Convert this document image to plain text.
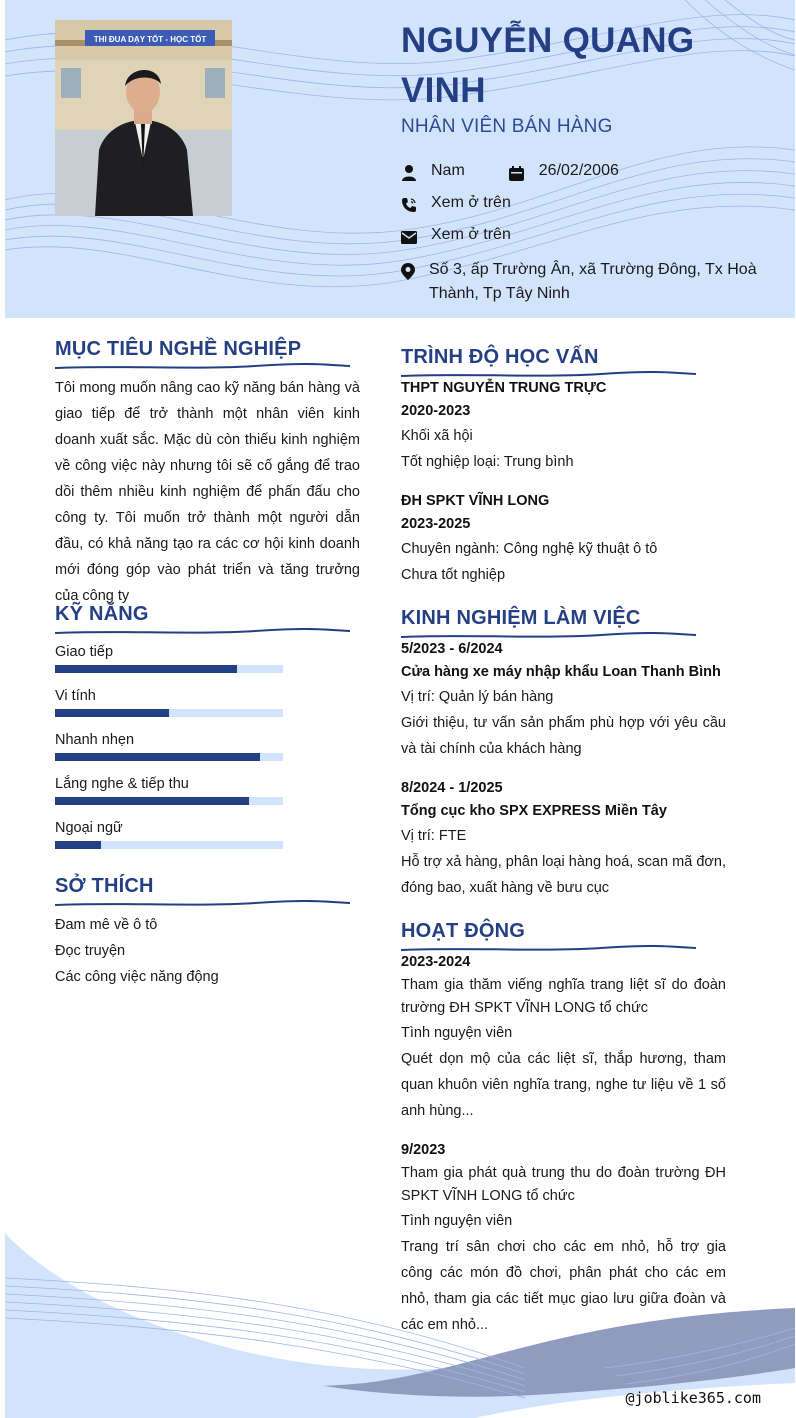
THI ĐUA DẠY TỐT - HỌC TỐT	NGUYỄN QUANG VINH
NHÂN VIÊN BÁN HÀNG
Nam	26/02/2006
Xem ở trên
Xem ở trên
Số 3, ấp Trường Ân, xã Trường Đông, Tx Hoà Thành, Tp Tây Ninh
MỤC TIÊU NGHỀ NGHIỆP
Tôi mong muốn nâng cao kỹ năng bán hàng và giao tiếp để trở thành một nhân viên kinh doanh xuất sắc. Mặc dù còn thiếu kinh nghiệm về công việc này nhưng tôi sẽ cố gắng để trao dồi thêm nhiều kinh nghiệm để phấn đấu cho công ty. Tôi muốn trở thành một người dẫn đầu, có khả năng tạo ra các cơ hội kinh doanh mới đóng góp vào phát triển và tăng trưởng của công ty
KỸ NĂNG
Giao tiếp
Vi tính
Nhanh nhẹn
Lắng nghe & tiếp thu
Ngoại ngữ
SỞ THÍCH
Đam mê về ô tô
Đọc truyện
Các công việc năng động
TRÌNH ĐỘ HỌC VẤN
THPT NGUYỄN TRUNG TRỰC
2020-2023
Khối xã hội
Tốt nghiệp loại: Trung bình
ĐH SPKT VĨNH LONG
2023-2025
Chuyên ngành: Công nghệ kỹ thuật ô tô
Chưa tốt nghiệp
KINH NGHIỆM LÀM VIỆC
5/2023 - 6/2024
Cửa hàng xe máy nhập khẩu Loan Thanh Bình
Vị trí: Quản lý bán hàng
Giới thiệu, tư vấn sản phẩm phù hợp với yêu cầu và tài chính của khách hàng
8/2024 - 1/2025
Tổng cục kho SPX EXPRESS Miền Tây
Vị trí: FTE
Hỗ trợ xả hàng, phân loại hàng hoá, scan mã đơn, đóng bao, xuất hàng về bưu cục
HOẠT ĐỘNG
2023-2024
Tham gia thăm viếng nghĩa trang liệt sĩ do đoàn trường ĐH SPKT VĨNH LONG tổ chức
Tình nguyện viên
Quét dọn mộ của các liệt sĩ, thắp hương, tham quan khuôn viên nghĩa trang, nghe tư liệu về 1 số anh hùng...
9/2023
Tham gia phát quà trung thu do đoàn trường ĐH SPKT VĨNH LONG tổ chức
Tình nguyện viên
Trang trí sân chơi cho các em nhỏ, hỗ trợ gia công các món đồ chơi, phân phát cho các em nhỏ, tham gia các tiết mục giao lưu giữa đoàn và các em nhỏ...
@joblike365.com
